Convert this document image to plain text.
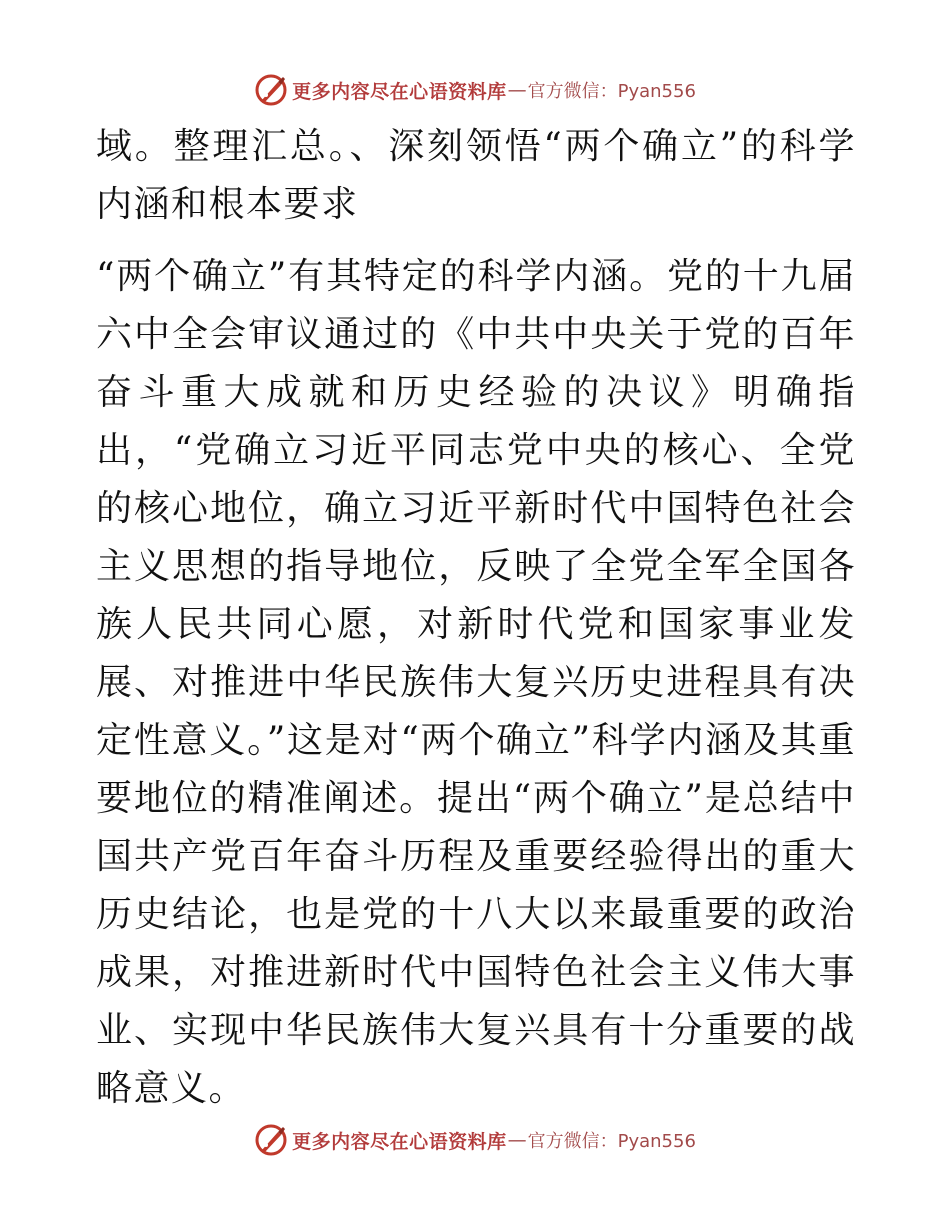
更多内容尽在心语资料库 — 官方微信：Pyan556

域。整理汇总。、深刻领悟“两个确立”的科学内涵和根本要求

“两个确立”有其特定的科学内涵。党的十九届六中全会审议通过的《中共中央关于党的百年奋斗重大成就和历史经验的决议》明确指出，“党确立习近平同志党中央的核心、全党的核心地位，确立习近平新时代中国特色社会主义思想的指导地位，反映了全党全军全国各族人民共同心愿，对新时代党和国家事业发展、对推进中华民族伟大复兴历史进程具有决定性意义。”这是对“两个确立”科学内涵及其重要地位的精准阐述。提出“两个确立”是总结中国共产党百年奋斗历程及重要经验得出的重大历史结论，也是党的十八大以来最重要的政治成果，对推进新时代中国特色社会主义伟大事业、实现中华民族伟大复兴具有十分重要的战略意义。

更多内容尽在心语资料库 — 官方微信：Pyan556
